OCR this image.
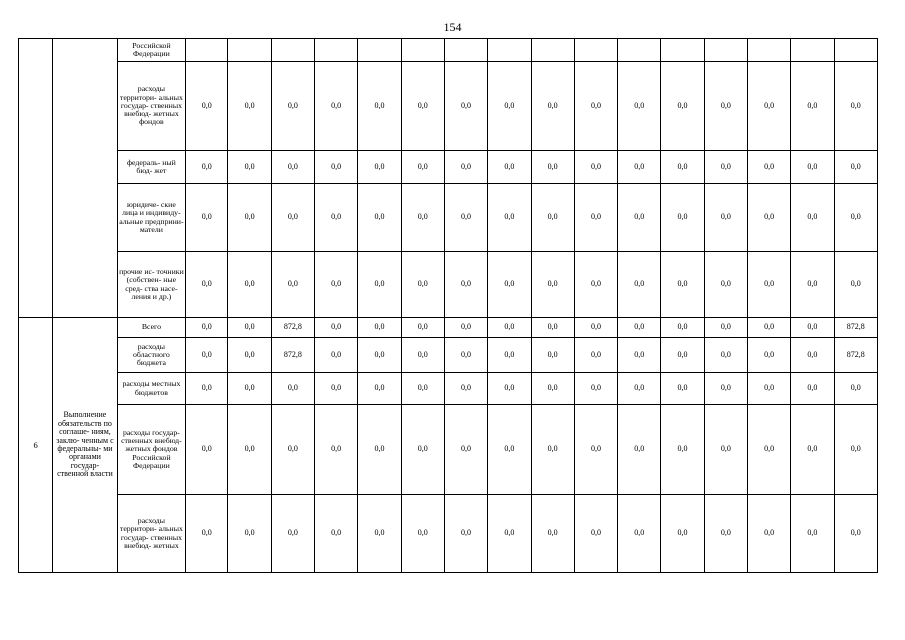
154
		Российской Федерации																
		расходы территори- альных государ- ственных внебюд- жетных фондов	0,0	0,0	0,0	0,0	0,0	0,0	0,0	0,0	0,0	0,0	0,0	0,0	0,0	0,0	0,0	0,0
		федераль- ный бюд- жет	0,0	0,0	0,0	0,0	0,0	0,0	0,0	0,0	0,0	0,0	0,0	0,0	0,0	0,0	0,0	0,0
		юридиче- ские лица и индивиду- альные предприни- матели	0,0	0,0	0,0	0,0	0,0	0,0	0,0	0,0	0,0	0,0	0,0	0,0	0,0	0,0	0,0	0,0
		прочие ис- точники (собствен- ные сред- ства насе- ления и др.)	0,0	0,0	0,0	0,0	0,0	0,0	0,0	0,0	0,0	0,0	0,0	0,0	0,0	0,0	0,0	0,0
6	Выполнение обязательств по соглаше- ниям, заклю- ченным с федеральны- ми органами государ- ственной власти	Всего	0,0	0,0	872,8	0,0	0,0	0,0	0,0	0,0	0,0	0,0	0,0	0,0	0,0	0,0	0,0	872,8
		расходы областного бюджета	0,0	0,0	872,8	0,0	0,0	0,0	0,0	0,0	0,0	0,0	0,0	0,0	0,0	0,0	0,0	872,8
		расходы местных бюджетов	0,0	0,0	0,0	0,0	0,0	0,0	0,0	0,0	0,0	0,0	0,0	0,0	0,0	0,0	0,0	0,0
		расходы государ- ственных внебюд- жетных фондов Российской Федерации	0,0	0,0	0,0	0,0	0,0	0,0	0,0	0,0	0,0	0,0	0,0	0,0	0,0	0,0	0,0	0,0
		расходы территори- альных государ- ственных внебюд- жетных	0,0	0,0	0,0	0,0	0,0	0,0	0,0	0,0	0,0	0,0	0,0	0,0	0,0	0,0	0,0	0,0
